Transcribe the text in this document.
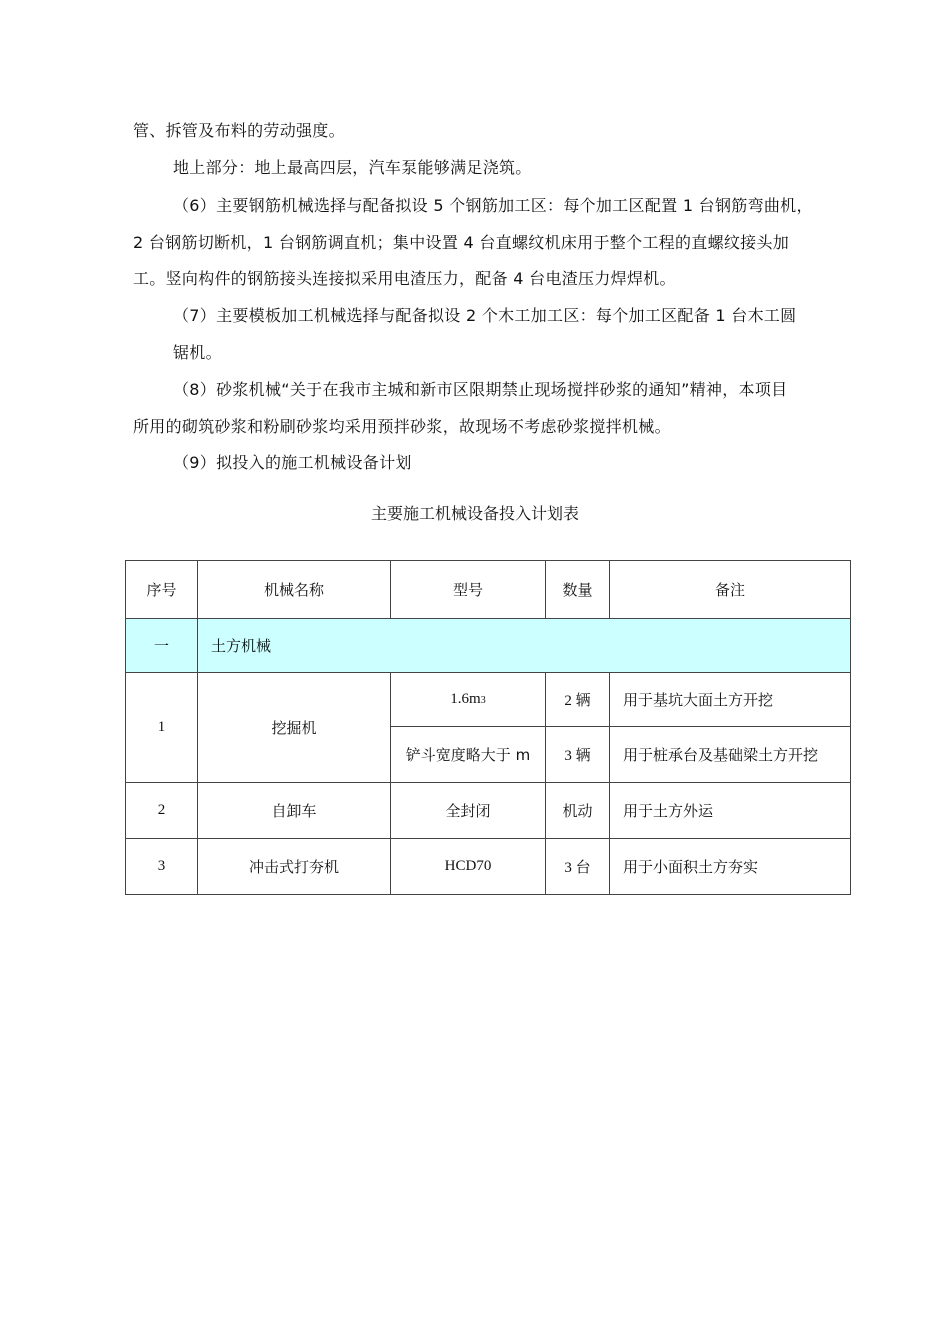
管、拆管及布料的劳动强度。
地上部分：地上最高四层，汽车泵能够满足浇筑。
（6）主要钢筋机械选择与配备拟设 5 个钢筋加工区：每个加工区配置 1 台钢筋弯曲机，
2 台钢筋切断机，1 台钢筋调直机；集中设置 4 台直螺纹机床用于整个工程的直螺纹接头加
工。竖向构件的钢筋接头连接拟采用电渣压力，配备 4 台电渣压力焊焊机。
（7）主要模板加工机械选择与配备拟设 2 个木工加工区：每个加工区配备 1 台木工圆
锯机。
（8）砂浆机械“关于在我市主城和新市区限期禁止现场搅拌砂浆的通知”精神，本项目
所用的砌筑砂浆和粉刷砂浆均采用预拌砂浆，故现场不考虑砂浆搅拌机械。
（9）拟投入的施工机械设备计划
主要施工机械设备投入计划表
序号	机械名称	型号	数量	备注
一	土方机械			
1	挖掘机	1.6m3	2 辆	用于基坑大面土方开挖
		铲斗宽度略大于 m	3 辆	用于桩承台及基础梁土方开挖
2	自卸车	全封闭	机动	用于土方外运
3	冲击式打夯机	HCD70	3 台	用于小面积土方夯实
